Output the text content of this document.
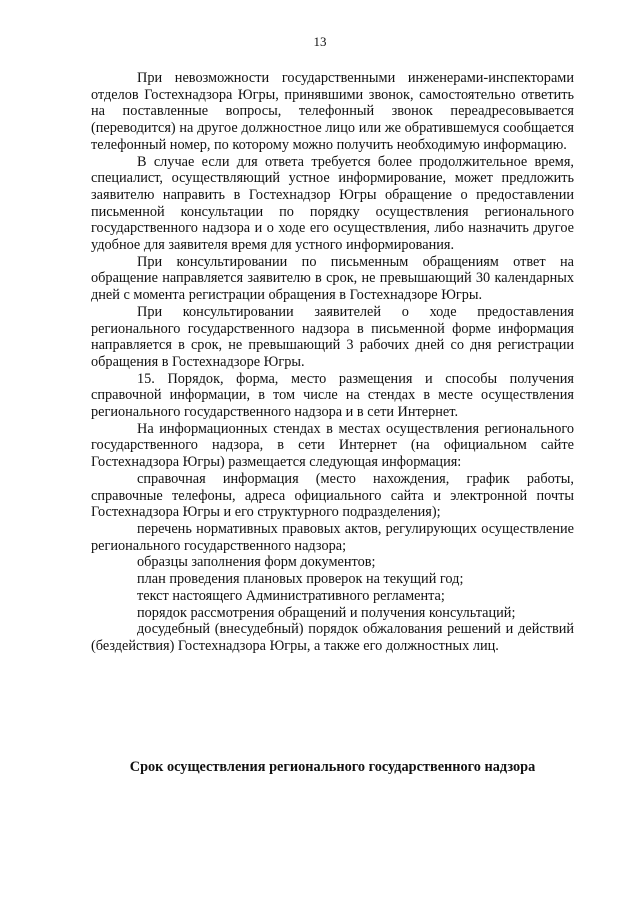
13

При невозможности государственными инженерами-инспекторами отделов Гостехнадзора Югры, принявшими звонок, самостоятельно ответить на поставленные вопросы, телефонный звонок переадресовывается (переводится) на другое должностное лицо или же обратившемуся сообщается телефонный номер, по которому можно получить необходимую информацию.

В случае если для ответа требуется более продолжительное время, специалист, осуществляющий устное информирование, может предложить заявителю направить в Гостехнадзор Югры обращение о предоставлении письменной консультации по порядку осуществления регионального государственного надзора и о ходе его осуществления, либо назначить другое удобное для заявителя время для устного информирования.

При консультировании по письменным обращениям ответ на обращение направляется заявителю в срок, не превышающий 30 календарных дней с момента регистрации обращения в Гостехнадзоре Югры.

При консультировании заявителей о ходе предоставления регионального государственного надзора в письменной форме информация направляется в срок, не превышающий 3 рабочих дней со дня регистрации обращения в Гостехнадзоре Югры.

15. Порядок, форма, место размещения и способы получения справочной информации, в том числе на стендах в месте осуществления регионального государственного надзора и в сети Интернет.

На информационных стендах в местах осуществления регионального государственного надзора, в сети Интернет (на официальном сайте Гостехнадзора Югры) размещается следующая информация:

справочная информация (место нахождения, график работы, справочные телефоны, адреса официального сайта и электронной почты Гостехнадзора Югры и его структурного подразделения);

перечень нормативных правовых актов, регулирующих осуществление регионального государственного надзора;

образцы заполнения форм документов;

план проведения плановых проверок на текущий год;

текст настоящего Административного регламента;

порядок рассмотрения обращений и получения консультаций;

досудебный (внесудебный) порядок обжалования решений и действий (бездействия) Гостехнадзора Югры, а также его должностных лиц.

Срок осуществления регионального государственного надзора
